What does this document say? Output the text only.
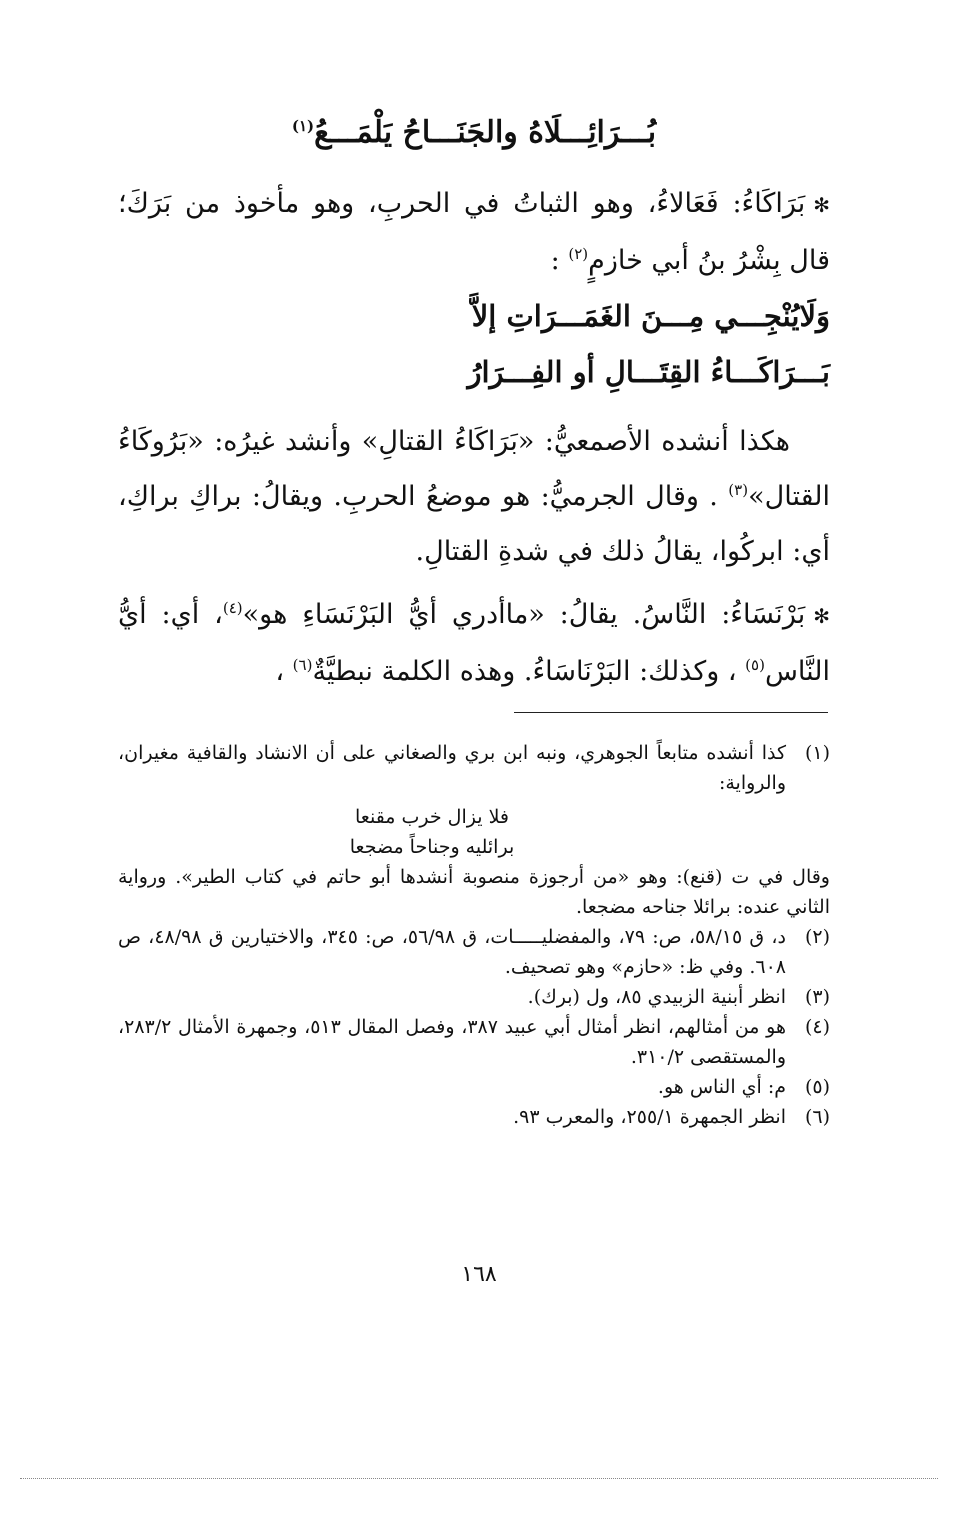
بُـــرَائِـــلَاهُ والجَنَـــاحُ يَلْمَـــعُ$^{(١)}$

✻بَرَاكَاءُ: فَعَالاءُ، وهو الثباتُ في الحربِ، وهو مأخوذ من بَرَكَ؛ قال بِشْرُ بنُ أبي خازمٍ$^{(٢)}$ :

وَلَايُنْجِـــي مِـــنَ الغَمَـــرَاتِ إلاَّ

بَـــرَاكَـــاءُ القِتَـــالِ أو الفِـــرَارُ

هكذا أنشده الأصمعيُّ: «بَرَاكَاءُ القتالِ» وأنشد غيرُه: «بَرُوكَاءُ القتال»$^{(٣)}$ . وقال الجرميُّ: هو موضعُ الحربِ. ويقالُ: براكِ براكِ، أي: ابركُوا، يقالُ ذلك في شدةِ القتالِ.

✻بَرْنَسَاءُ: النَّاسُ. يقالُ: «ماأدري أيُّ البَرْنَسَاءِ هو»$^{(٤)}$، أي: أيُّ النَّاس$^{(٥)}$ ، وكذلك: البَرْنَاسَاءُ. وهذه الكلمة نبطيَّةٌ$^{(٦)}$ ،

(١)
كذا أنشده متابعاً الجوهري، ونبه ابن بري والصغاني على أن الانشاد والقافية مغيران، والرواية:
فلا يزال خرب مقنعا
برائليه وجناحاً مضجعا

وقال في ت (قنع): وهو «من أرجوزة منصوبة أنشدها أبو حاتم في كتاب الطير». ورواية الثاني عنده: برائلا جناحه مضجعا.

(٢)
د، ق ٥٨/١٥، ص: ٧٩، والمفضليـــــات، ق ٥٦/٩٨، ص: ٣٤٥، والاختيارين ق ٤٨/٩٨، ص ٦٠٨. وفي ظ: «حازم» وهو تصحيف.
(٣)
انظر أبنية الزبيدي ٨٥، ول (برك).
(٤)
هو من أمثالهم، انظر أمثال أبي عبيد ٣٨٧، وفصل المقال ٥١٣، وجمهرة الأمثال ٢٨٣/٢، والمستقصى ٣١٠/٢.
(٥)
م: أي الناس هو.
(٦)
انظر الجمهرة ٢٥٥/١، والمعرب ٩٣.
١٦٨
